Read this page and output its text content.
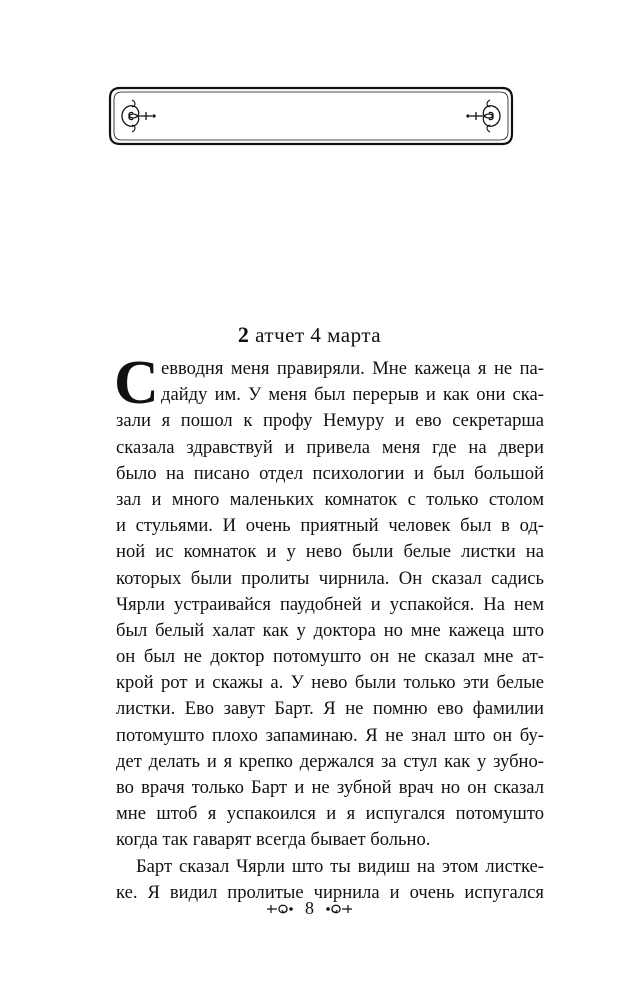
2 атчет 4 марта
С евводня меня правиряли. Мне кажеца я не па-
дайду им. У меня был перерыв и как они ска-
зали я пошол к профу Немуру и ево секретарша
сказала здравствуй и привела меня где на двери
было на писано отдел психологии и был большой
зал и много маленьких комнаток с только столом
и стульями. И очень приятный человек был в од-
ной ис комнаток и у нево были белые листки на
которых были пролиты чирнила. Он сказал садись
Чярли устраивайся паудобней и успакойся. На нем
был белый халат как у доктора но мне кажеца што
он был не доктор потомушто он не сказал мне ат-
крой рот и скажы а. У нево были только эти белые
листки. Ево завут Барт. Я не помню ево фамилии
потомушто плохо запаминаю. Я не знал што он бу-
дет делать и я крепко держался за стул как у зубно-
во врачя только Барт и не зубной врач но он сказал
мне штоб я успакоился и я испугался потомушто
когда так гаварят всегда бывает больно.
Барт сказал Чярли што ты видиш на этом листке-
ке. Я видил пролитые чирнила и очень испугался
8
